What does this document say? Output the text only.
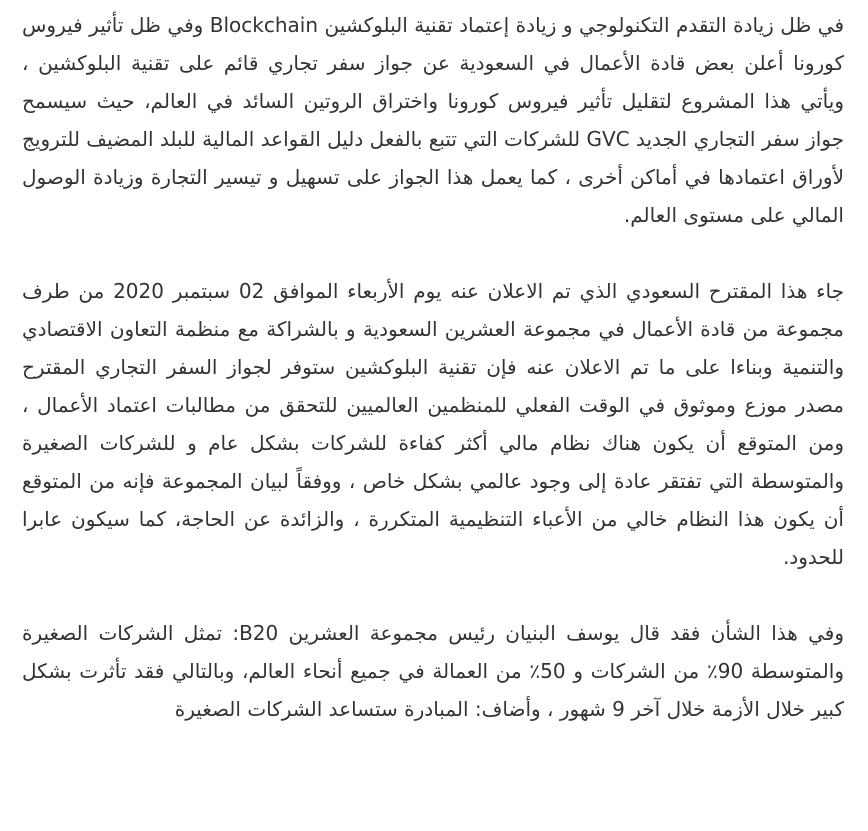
في ظل زيادة التقدم التكنولوجي و زيادة إعتماد تقنية البلوكشين Blockchain وفي ظل تأثير فيروس كورونا أعلن بعض قادة الأعمال في السعودية عن جواز سفر تجاري قائم على تقنية البلوكشين ، ويأتي هذا المشروع لتقليل تأثير فيروس كورونا واختراق الروتين السائد في العالم، حيث سيسمح جواز سفر التجاري الجديد GVC للشركات التي تتبع بالفعل دليل القواعد المالية للبلد المضيف للترويج لأوراق اعتمادها في أماكن أخرى ، كما يعمل هذا الجواز على تسهيل و تيسير التجارة وزيادة الوصول المالي على مستوى العالم.

جاء هذا المقترح السعودي الذي تم الاعلان عنه يوم الأربعاء الموافق 02 سبتمبر 2020 من طرف مجموعة من قادة الأعمال في مجموعة العشرين السعودية و بالشراكة مع منظمة التعاون الاقتصادي والتنمية وبناءا على ما تم الاعلان عنه فإن تقنية البلوكشين ستوفر لجواز السفر التجاري المقترح مصدر موزع وموثوق في الوقت الفعلي للمنظمين العالميين للتحقق من مطالبات اعتماد الأعمال ، ومن المتوقع أن يكون هناك نظام مالي أكثر كفاءة للشركات بشكل عام و للشركات الصغيرة والمتوسطة التي تفتقر عادة إلى وجود عالمي بشكل خاص ، ووفقاً لبيان المجموعة فإنه من المتوقع أن يكون هذا النظام خالي من الأعباء التنظيمية المتكررة ، والزائدة عن الحاجة، كما سيكون عابرا للحدود.

وفي هذا الشأن فقد قال يوسف البنيان رئيس مجموعة العشرين B20: تمثل الشركات الصغيرة والمتوسطة 90٪ من الشركات و 50٪ من العمالة في جميع أنحاء العالم، وبالتالي فقد تأثرت بشكل كبير خلال الأزمة خلال آخر 9 شهور ، وأضاف: المبادرة ستساعد الشركات الصغيرة
